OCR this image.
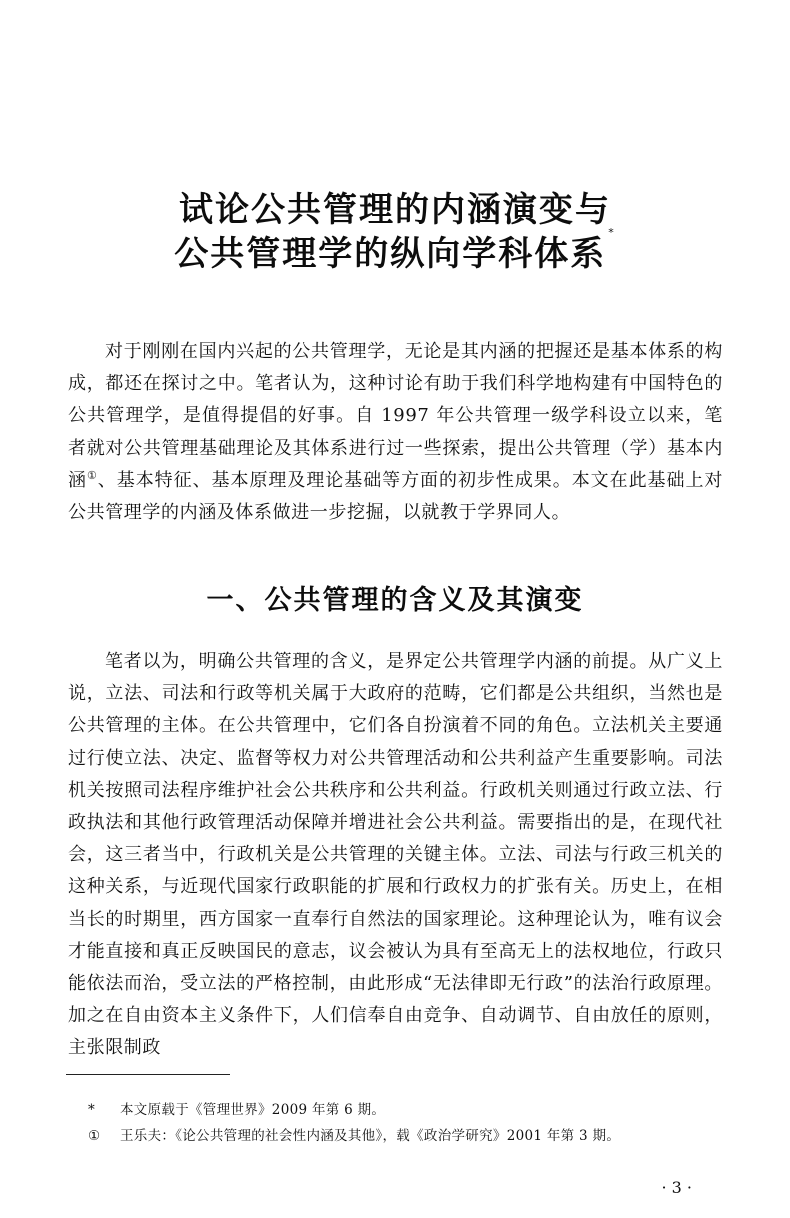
试论公共管理的内涵演变与
公共管理学的纵向学科体系*

对于刚刚在国内兴起的公共管理学，无论是其内涵的把握还是基本体系的构成，都还在探讨之中。笔者认为，这种讨论有助于我们科学地构建有中国特色的公共管理学，是值得提倡的好事。自 1997 年公共管理一级学科设立以来，笔者就对公共管理基础理论及其体系进行过一些探索，提出公共管理（学）基本内涵①、基本特征、基本原理及理论基础等方面的初步性成果。本文在此基础上对公共管理学的内涵及体系做进一步挖掘，以就教于学界同人。

一、公共管理的含义及其演变

笔者以为，明确公共管理的含义，是界定公共管理学内涵的前提。从广义上说，立法、司法和行政等机关属于大政府的范畴，它们都是公共组织，当然也是公共管理的主体。在公共管理中，它们各自扮演着不同的角色。立法机关主要通过行使立法、决定、监督等权力对公共管理活动和公共利益产生重要影响。司法机关按照司法程序维护社会公共秩序和公共利益。行政机关则通过行政立法、行政执法和其他行政管理活动保障并增进社会公共利益。需要指出的是，在现代社会，这三者当中，行政机关是公共管理的关键主体。立法、司法与行政三机关的这种关系，与近现代国家行政职能的扩展和行政权力的扩张有关。历史上，在相当长的时期里，西方国家一直奉行自然法的国家理论。这种理论认为，唯有议会才能直接和真正反映国民的意志，议会被认为具有至高无上的法权地位，行政只能依法而治，受立法的严格控制，由此形成“无法律即无行政”的法治行政原理。加之在自由资本主义条件下，人们信奉自由竞争、自动调节、自由放任的原则，主张限制政

* 本文原载于《管理世界》2009 年第 6 期。
① 王乐夫：《论公共管理的社会性内涵及其他》，载《政治学研究》2001 年第 3 期。
· 3 ·
